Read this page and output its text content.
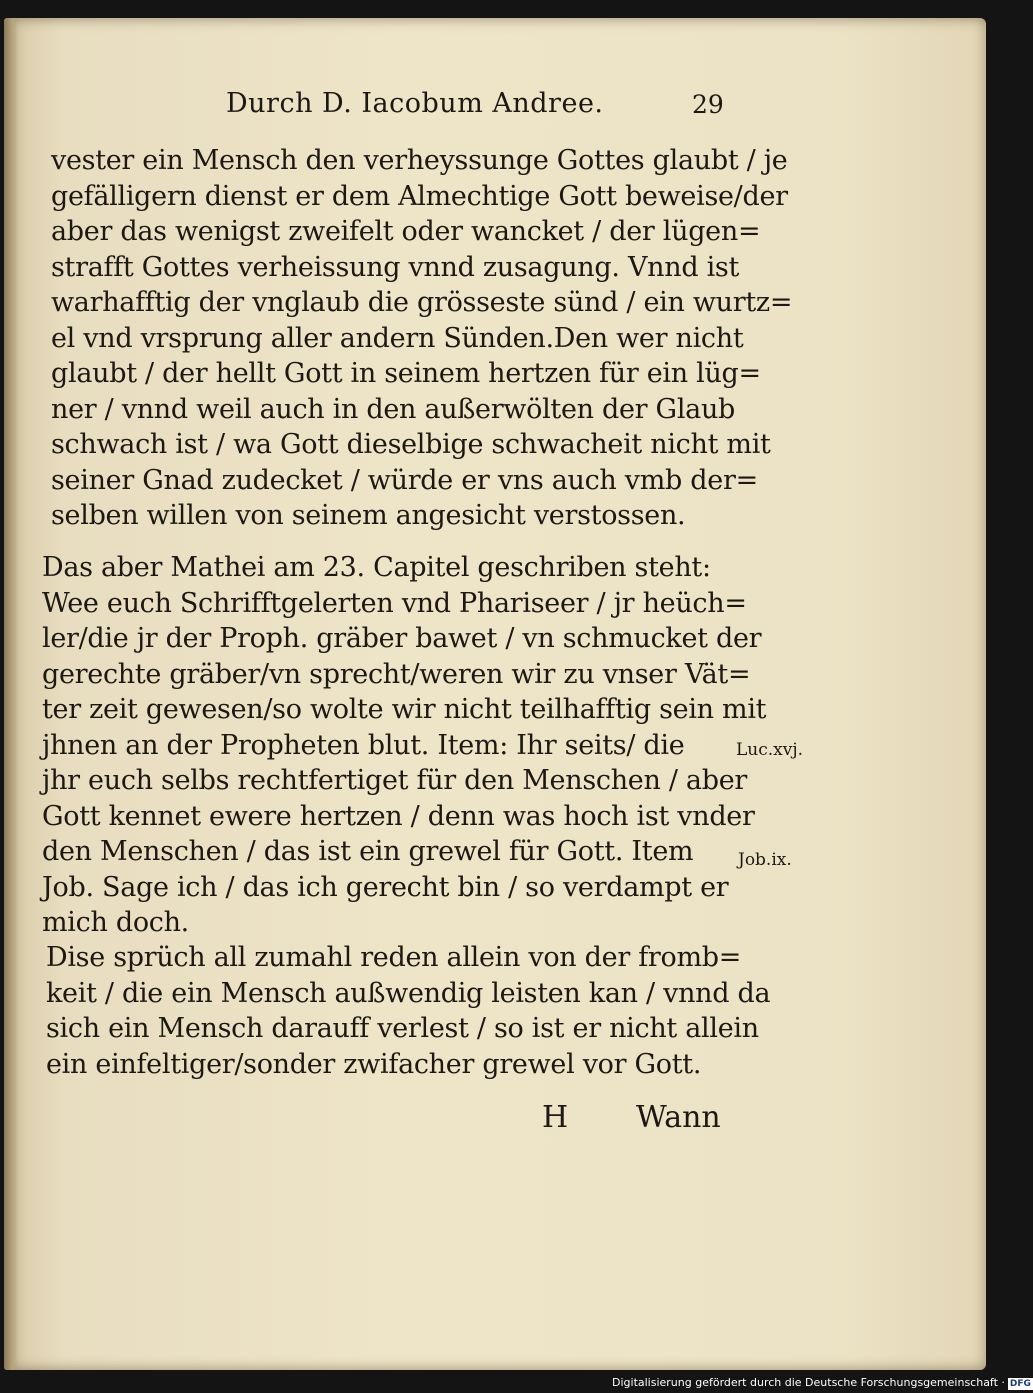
Durch D. Iacobum Andree.	29
vester ein Mensch den verheyssunge Gottes glaubt / je
gefälligern dienst er dem Almechtige Gott beweise/der
aber das wenigst zweifelt oder wancket / der lügen=
strafft Gottes verheissung vnnd zusagung. Vnnd ist
warhafftig der vnglaub die grösseste sünd / ein wurtz=
el vnd vrsprung aller andern Sünden.Den wer nicht
glaubt / der hellt Gott in seinem hertzen für ein lüg=
ner / vnnd weil auch in den außerwölten der Glaub
schwach ist / wa Gott dieselbige schwacheit nicht mit
seiner Gnad zudecket / würde er vns auch vmb der=
selben willen von seinem angesicht verstossen.
Das aber Mathei am 23. Capitel geschriben steht:
Wee euch Schrifftgelerten vnd Phariseer / jr heüch=
ler/die jr der Proph. gräber bawet / vn schmucket der
gerechte gräber/vn sprecht/weren wir zu vnser Vät=
ter zeit gewesen/so wolte wir nicht teilhafftig sein mit
jhnen an der Propheten blut. Item: Ihr seits/ die
jhr euch selbs rechtfertiget für den Menschen / aber
Gott kennet ewere hertzen / denn was hoch ist vnder
den Menschen / das ist ein grewel für Gott. Item
Job. Sage ich / das ich gerecht bin / so verdampt er
mich doch.
Luc.xvj.
Job.ix.
Dise sprüch all zumahl reden allein von der fromb=
keit / die ein Mensch außwendig leisten kan / vnnd da
sich ein Mensch darauff verlest / so ist er nicht allein
ein einfeltiger/sonder zwifacher grewel vor Gott.
H Wann
Digitalisierung gefördert durch die Deutsche Forschungsgemeinschaft · DFG
